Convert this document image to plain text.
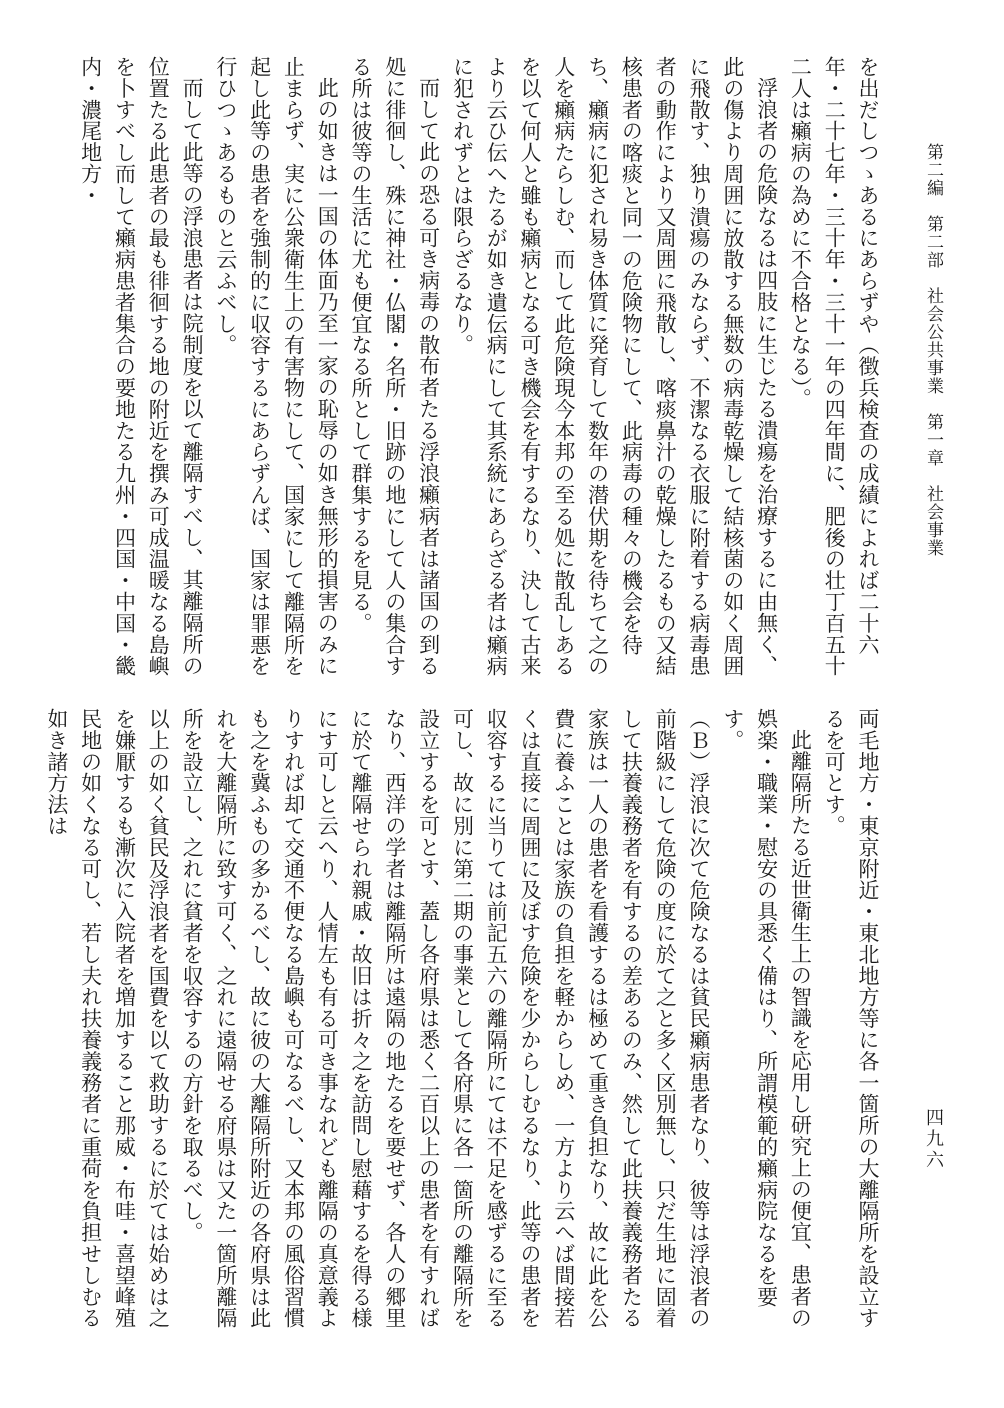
第二編　第二部　社会公共事業　第一章　社会事業
四九六

を出だしつゝあるにあらずや（徴兵検査の成績によれば二十六年・二十七年・三十年・三十一年の四年間に、肥後の壮丁百五十二人は癩病の為めに不合格となる）。

浮浪者の危険なるは四肢に生じたる潰瘍を治療するに由無く、此の傷より周囲に放散する無数の病毒乾燥して結核菌の如く周囲に飛散す、独り潰瘍のみならず、不潔なる衣服に附着する病毒患者の動作により又周囲に飛散し、喀痰鼻汁の乾燥したるもの又結核患者の喀痰と同一の危険物にして、此病毒の種々の機会を待ち、癩病に犯され易き体質に発育して数年の潜伏期を待ちて之の人を癩病たらしむ、而して此危険現今本邦の至る処に散乱しあるを以て何人と雖も癩病となる可き機会を有するなり、決して古来より云ひ伝へたるが如き遺伝病にして其系統にあらざる者は癩病に犯されずとは限らざるなり。

而して此の恐る可き病毒の散布者たる浮浪癩病者は諸国の到る処に徘徊し、殊に神社・仏閣・名所・旧跡の地にして人の集合する所は彼等の生活に尤も便宜なる所として群集するを見る。

此の如きは一国の体面乃至一家の恥辱の如き無形的損害のみに止まらず、実に公衆衛生上の有害物にして、国家にして離隔所を起し此等の患者を強制的に収容するにあらずんば、国家は罪悪を行ひつゝあるものと云ふべし。

而して此等の浮浪患者は院制度を以て離隔すべし、其離隔所の位置たる此患者の最も徘徊する地の附近を撰み可成温暖なる島嶼を卜すべし而して癩病患者集合の要地たる九州・四国・中国・畿内・濃尾地方・

両毛地方・東京附近・東北地方等に各一箇所の大離隔所を設立するを可とす。

此離隔所たる近世衛生上の智識を応用し研究上の便宜、患者の娯楽・職業・慰安の具悉く備はり、所謂模範的癩病院なるを要す。

（Ｂ）浮浪に次て危険なるは貧民癩病患者なり、彼等は浮浪者の前階級にして危険の度に於て之と多く区別無し、只だ生地に固着して扶養義務者を有するの差あるのみ、然して此扶養義務者たる家族は一人の患者を看護するは極めて重き負担なり、故に此を公費に養ふことは家族の負担を軽からしめ、一方より云へば間接若くは直接に周囲に及ぼす危険を少からしむるなり、此等の患者を収容するに当りては前記五六の離隔所にては不足を感ずるに至る可し、故に別に第二期の事業として各府県に各一箇所の離隔所を設立するを可とす、蓋し各府県は悉く二百以上の患者を有すればなり、西洋の学者は離隔所は遠隔の地たるを要せず、各人の郷里に於て離隔せられ親戚・故旧は折々之を訪問し慰藉するを得る様にす可しと云へり、人情左も有る可き事なれども離隔の真意義よりすれば却て交通不便なる島嶼も可なるべし、又本邦の風俗習慣も之を冀ふもの多かるべし、故に彼の大離隔所附近の各府県は此れを大離隔所に致す可く、之れに遠隔せる府県は又た一箇所離隔所を設立し、之れに貧者を収容するの方針を取るべし。

以上の如く貧民及浮浪者を国費を以て救助するに於ては始めは之を嫌厭するも漸次に入院者を増加すること那威・布哇・喜望峰殖民地の如くなる可し、若し夫れ扶養義務者に重荷を負担せしむる如き諸方法は
